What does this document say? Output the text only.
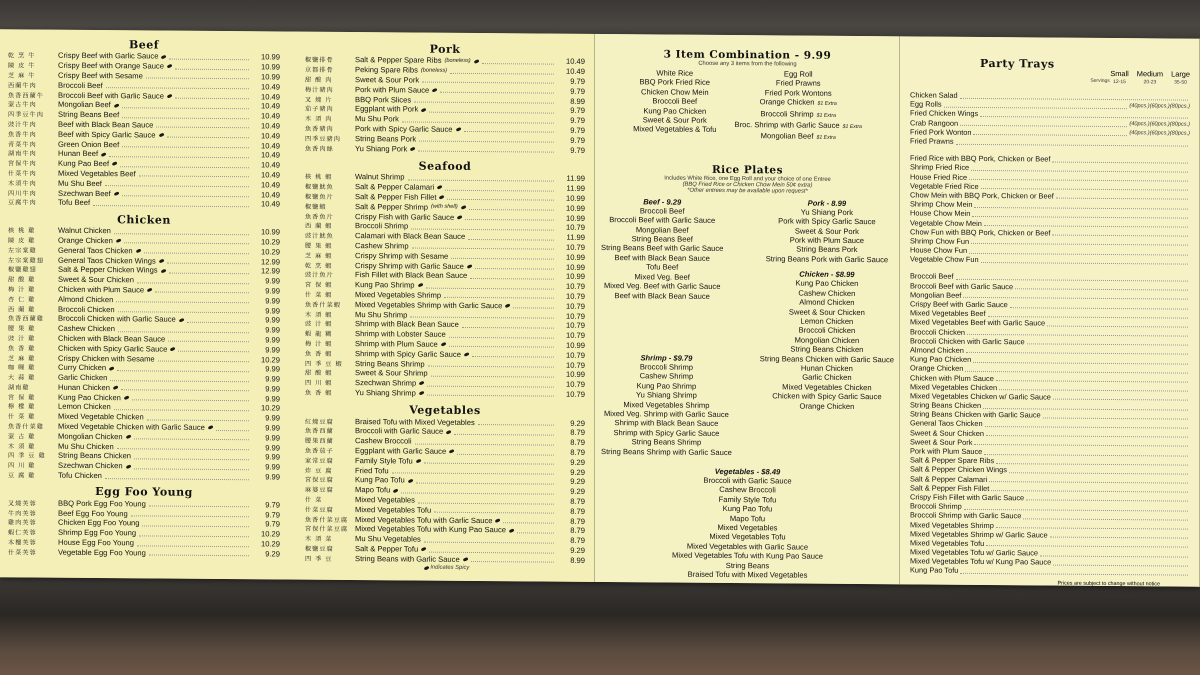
Beef
乾 烹 牛	Crispy Beef with Garlic Sauce	10.99
陳 皮 牛	Crispy Beef with Orange Sauce	10.99
芝 麻 牛	Crispy Beef with Sesame	10.99
西蘭牛肉	Broccoli Beef	10.49
魚香西蘭牛	Broccoli Beef with Garlic Sauce	10.49
蒙古牛肉	Mongolian Beef	10.49
四季豆牛肉	String Beans Beef	10.49
豉汁牛肉	Beef with Black Bean Sauce	10.49
魚香牛肉	Beef with Spicy Garlic Sauce	10.49
青菜牛肉	Green Onion Beef	10.49
湖南牛肉	Hunan Beef	10.49
宮保牛肉	Kung Pao Beef	10.49
什菜牛肉	Mixed Vegetables Beef	10.49
木須牛肉	Mu Shu Beef	10.49
四川牛肉	Szechwan Beef	10.49
豆腐牛肉	Tofu Beef	10.49
Chicken
核 桃 雞	Walnut Chicken	10.99
陳 皮 雞	Orange Chicken	10.29
左宗棠雞	General Taos Chicken	10.29
左宗棠雞翅	General Taos Chicken Wings	12.99
椒鹽雞翅	Salt & Pepper Chicken Wings	12.99
甜 酸 雞	Sweet & Sour Chicken	9.99
梅 汁 雞	Chicken with Plum Sauce	9.99
杏 仁 雞	Almond Chicken	9.99
西 蘭 雞	Broccoli Chicken	9.99
魚香西蘭雞	Broccoli Chicken with Garlic Sauce	9.99
腰 果 雞	Cashew Chicken	9.99
豉 汁 雞	Chicken with Black Bean Sauce	9.99
魚 香 雞	Chicken with Spicy Garlic Sauce	9.99
芝 麻 雞	Crispy Chicken with Sesame	10.29
咖 喱 雞	Curry Chicken	9.99
大 蒜 雞	Garlic Chicken	9.99
湖南雞	Hunan Chicken	9.99
宮 保 雞	Kung Pao Chicken	9.99
檸 檬 雞	Lemon Chicken	10.29
什 菜 雞	Mixed Vegetable Chicken	9.99
魚香什菜雞	Mixed Vegetable Chicken with Garlic Sauce	9.99
蒙 古 雞	Mongolian Chicken	9.99
木 須 雞	Mu Shu Chicken	9.99
四 季 豆 雞	String Beans Chicken	9.99
四 川 雞	Szechwan Chicken	9.99
豆 腐 雞	Tofu Chicken	9.99
Egg Foo Young
叉燒芙蓉	BBQ Pork Egg Foo Young	9.79
牛肉芙蓉	Beef Egg Foo Young	9.79
雞肉芙蓉	Chicken Egg Foo Young	9.79
蝦仁芙蓉	Shrimp Egg Foo Young	10.29
本樓芙蓉	House Egg Foo Young	10.29
什菜芙蓉	Vegetable Egg Foo Young	9.29
Pork
椒鹽排骨	Salt & Pepper Spare Ribs (boneless)	10.49
京都排骨	Peking Spare Ribs (boneless)	10.49
甜 酸 肉	Sweet & Sour Pork	9.79
梅汁豬肉	Pork with Plum Sauce	9.79
叉 燒 片	BBQ Pork Slices	8.99
茄子豬肉	Eggplant with Pork	9.79
木 須 肉	Mu Shu Pork	9.79
魚香豬肉	Pork with Spicy Garlic Sauce	9.79
四季豆豬肉	String Beans Pork	9.79
魚香肉絲	Yu Shiang Pork	9.79
Seafood
核 桃 蝦	Walnut Shrimp	11.99
椒鹽魷魚	Salt & Pepper Calamari	11.99
椒鹽魚片	Salt & Pepper Fish Fillet	10.99
椒鹽蝦	Salt & Pepper Shrimp (with shell)	10.99
魚香魚片	Crispy Fish with Garlic Sauce	10.99
西 蘭 蝦	Broccoli Shrimp	10.79
豉汁魷魚	Calamari with Black Bean Sauce	11.99
腰 果 蝦	Cashew Shrimp	10.79
芝 麻 蝦	Crispy Shrimp with Sesame	10.99
乾 烹 蝦	Crispy Shrimp with Garlic Sauce	10.99
豉汁魚片	Fish Fillet with Black Bean Sauce	10.99
宮 保 蝦	Kung Pao Shrimp	10.79
什 菜 蝦	Mixed Vegetables Shrimp	10.79
魚香什菜蝦	Mixed Vegetables Shrimp with Garlic Sauce	10.79
木 須 蝦	Mu Shu Shrimp	10.79
豉 汁 蝦	Shrimp with Black Bean Sauce	10.79
蝦 龍 糊	Shrimp with Lobster Sauce	10.79
梅 汁 蝦	Shrimp with Plum Sauce	10.99
魚 香 蝦	Shrimp with Spicy Garlic Sauce	10.79
四 季 豆 蝦	String Beans Shrimp	10.79
甜 酸 蝦	Sweet & Sour Shrimp	10.99
四 川 蝦	Szechwan Shrimp	10.79
魚 香 蝦	Yu Shiang Shrimp	10.79
Vegetables
紅燒豆腐	Braised Tofu with Mixed Vegetables	9.29
魚香西蘭	Broccoli with Garlic Sauce	8.79
腰果西蘭	Cashew Broccoli	8.79
魚香茄子	Eggplant with Garlic Sauce	8.79
家常豆腐	Family Style Tofu	9.29
炸 豆 腐	Fried Tofu	9.29
宮保豆腐	Kung Pao Tofu	9.29
麻婆豆腐	Mapo Tofu	9.29
什 菜	Mixed Vegetables	8.79
什菜豆腐	Mixed Vegetables Tofu	8.79
魚香什菜豆腐 Mixed Vegetables Tofu with Garlic Sauce	8.79
宮保什菜豆腐 Mixed Vegetables Tofu with Kung Pao Sauce	8.79
木 須 菜	Mu Shu Vegetables	8.79
椒鹽豆腐	Salt & Pepper Tofu	9.29
四 季 豆	String Beans with Garlic Sauce	8.99
Indicates Spicy
3 Item Combination - 9.99
Choose any 3 items from the following
White Rice
BBQ Pork Fried Rice
Chicken Chow Mein
Broccoli Beef
Kung Pao Chicken
Sweet & Sour Pork
Mixed Vegetables & Tofu
Egg Roll
Fried Prawns
Fried Pork Wontons
Orange Chicken $1 Extra
Broccoli Shrimp $1 Extra
Broc. Shrimp with Garlic Sauce $1 Extra
Mongolian Beef $1 Extra
Rice Plates
Includes White Rice, one Egg Roll and your choice of one Entree
(BBQ Fried Rice or Chicken Chow Mein 50¢ extra)
*Other entrees may be available upon request*
Beef - 9.29
Broccoli Beef
Broccoli Beef with Garlic Sauce
Mongolian Beef
String Beans Beef
String Beans Beef with Garlic Sauce
Beef with Black Bean Sauce
Tofu Beef
Mixed Veg. Beef
Mixed Veg. Beef with Garlic Sauce
Beef with Black Bean Sauce
Pork - 8.99
Yu Shiang Pork
Pork with Spicy Garlic Sauce
Sweet & Sour Pork
Pork with Plum Sauce
String Beans Pork
String Beans Pork with Garlic Sauce
Chicken - $8.99
Kung Pao Chicken
Cashew Chicken
Almond Chicken
Sweet & Sour Chicken
Lemon Chicken
Broccoli Chicken
Mongolian Chicken
String Beans Chicken
String Beans Chicken with Garlic Sauce
Hunan Chicken
Garlic Chicken
Mixed Vegetables Chicken
Chicken with Spicy Garlic Sauce
Orange Chicken
Shrimp - $9.79
Broccoli Shrimp
Cashew Shrimp
Kung Pao Shrimp
Yu Shiang Shrimp
Mixed Vegetables Shrimp
Mixed Veg. Shrimp with Garlic Sauce
Shrimp with Black Bean Sauce
Shrimp with Spicy Garlic Sauce
String Beans Shrimp
String Beans Shrimp with Garlic Sauce
Vegetables - $8.49
Broccoli with Garlic Sauce
Cashew Broccoli
Family Style Tofu
Kung Pao Tofu
Mapo Tofu
Mixed Vegetables
Mixed Vegetables Tofu
Mixed Vegetables with Garlic Sauce
Mixed Vegetables Tofu with Kung Pao Sauce
String Beans
Braised Tofu with Mixed Vegetables
Party Trays
Servings
Small
12-15
Medium
20-23
Large
35-50
Chicken Salad
Egg Rolls	(40pcs.)(60pcs.)(80pcs.)
Fried Chicken Wings
Crab Rangoon	(40pcs.)(60pcs.)(80pcs.)
Fried Pork Wonton	(40pcs.)(60pcs.)(80pcs.)
Fried Prawns
Fried Rice with BBQ Pork, Chicken or Beef
Shrimp Fried Rice
House Fried Rice
Vegetable Fried Rice
Chow Mein with BBQ Pork, Chicken or Beef
Shrimp Chow Mein
House Chow Mein
Vegetable Chow Mein
Chow Fun with BBQ Pork, Chicken or Beef
Shrimp Chow Fun
House Chow Fun
Vegetable Chow Fun
Broccoli Beef
Broccoli Beef with Garlic Sauce
Mongolian Beef
Crispy Beef with Garlic Sauce
Mixed Vegetables Beef
Mixed Vegetables Beef with Garlic Sauce
Broccoli Chicken
Broccoli Chicken with Garlic Sauce
Almond Chicken
Kung Pao Chicken
Orange Chicken
Chicken with Plum Sauce
Mixed Vegetables Chicken
Mixed Vegetables Chicken w/ Garlic Sauce
String Beans Chicken
String Beans Chicken with Garlic Sauce
General Taos Chicken
Sweet & Sour Chicken
Sweet & Sour Pork
Pork with Plum Sauce
Salt & Pepper Spare Ribs
Salt & Pepper Chicken Wings
Salt & Pepper Calamari
Salt & Pepper Fish Fillet
Crispy Fish Fillet with Garlic Sauce
Broccoli Shrimp
Broccoli Shrimp with Garlic Sauce
Mixed Vegetables Shrimp
Mixed Vegetables Shrimp w/ Garlic Sauce
Mixed Vegetables Tofu
Mixed Vegetables Tofu w/ Garlic Sauce
Mixed Vegetables Tofu w/ Kung Pao Sauce
Kung Pao Tofu
Prices are subject to change without notice
